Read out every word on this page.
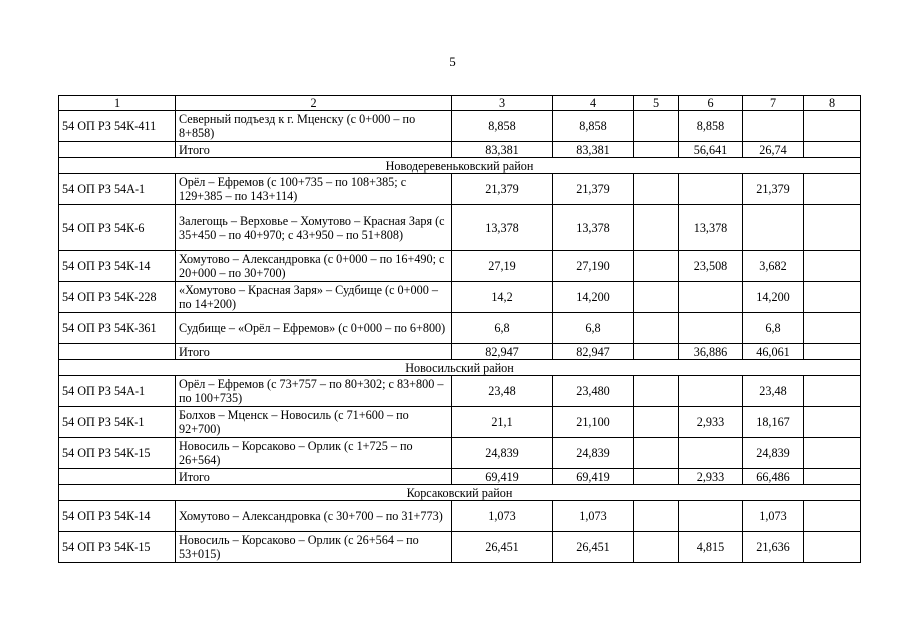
5
1	2	3	4	5	6	7	8
54 ОП РЗ 54К-411	Северный подъезд к г. Мценску (с 0+000 – по 8+858)	8,858	8,858		8,858		
	Итого	83,381	83,381		56,641	26,74	
Новодеревеньковский район							
54 ОП РЗ 54А-1	Орёл – Ефремов (с 100+735 – по 108+385; с 129+385 – по 143+114)	21,379	21,379			21,379	
54 ОП РЗ 54К-6	Залегощь – Верховье – Хомутово – Красная Заря (с 35+450 – по 40+970; с 43+950 – по 51+808)	13,378	13,378		13,378		
54 ОП РЗ 54К-14	Хомутово – Александровка (с 0+000 – по 16+490; с 20+000 – по 30+700)	27,19	27,190		23,508	3,682	
54 ОП РЗ 54К-228	«Хомутово – Красная Заря» – Судбище (с 0+000 – по 14+200)	14,2	14,200			14,200	
54 ОП РЗ 54К-361	Судбище – «Орёл – Ефремов» (с 0+000 – по 6+800)	6,8	6,8			6,8	
	Итого	82,947	82,947		36,886	46,061	
Новосильский район							
54 ОП РЗ 54А-1	Орёл – Ефремов (с 73+757 – по 80+302; с 83+800 – по 100+735)	23,48	23,480			23,48	
54 ОП РЗ 54К-1	Болхов – Мценск – Новосиль (с 71+600 – по 92+700)	21,1	21,100		2,933	18,167	
54 ОП РЗ 54К-15	Новосиль – Корсаково – Орлик (с 1+725 – по 26+564)	24,839	24,839			24,839	
	Итого	69,419	69,419		2,933	66,486	
Корсаковский район							
54 ОП РЗ 54К-14	Хомутово – Александровка (с 30+700 – по 31+773)	1,073	1,073			1,073	
54 ОП РЗ 54К-15	Новосиль – Корсаково – Орлик (с 26+564 – по 53+015)	26,451	26,451		4,815	21,636	
